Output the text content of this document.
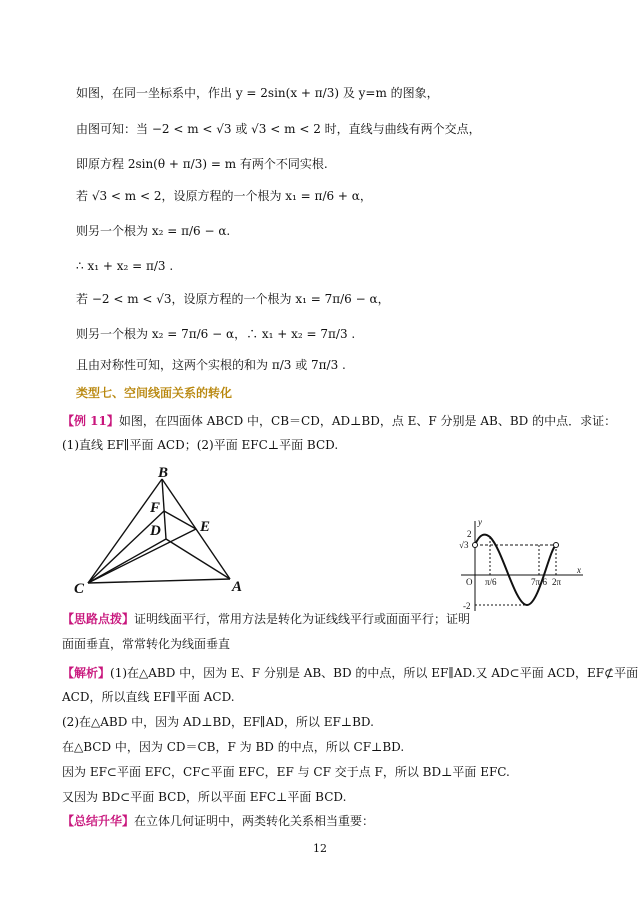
如图，在同一坐标系中，作出 y = 2sin(x + π/3) 及 y=m 的图象，
由图可知：当 −2 < m < √3 或 √3 < m < 2 时，直线与曲线有两个交点，
即原方程 2sin(θ + π/3) = m 有两个不同实根.
若 √3 < m < 2，设原方程的一个根为 x₁ = π/6 + α，
则另一个根为 x₂ = π/6 − α.
∴ x₁ + x₂ = π/3 .
若 −2 < m < √3，设原方程的一个根为 x₁ = 7π/6 − α，
则另一个根为 x₂ = 7π/6 − α，∴ x₁ + x₂ = 7π/3 .
且由对称性可知，这两个实根的和为 π/3 或 7π/3 .
类型七、空间线面关系的转化
【例 11】如图，在四面体 ABCD 中，CB＝CD，AD⊥BD，点 E、F 分别是 AB、BD 的中点．求证：
(1)直线 EF∥平面 ACD；(2)平面 EFC⊥平面 BCD.
B
F
D	E
C	A
y
x
O
2
√3
-2
π/6	7π/6 2π
【思路点拨】证明线面平行，常用方法是转化为证线线平行或面面平行；证明
面面垂直，常常转化为线面垂直
【解析】(1)在△ABD 中，因为 E、F 分别是 AB、BD 的中点，所以 EF∥AD.又 AD⊂平面 ACD，EF⊄平面
ACD，所以直线 EF∥平面 ACD.
(2)在△ABD 中，因为 AD⊥BD，EF∥AD，所以 EF⊥BD.
在△BCD 中，因为 CD＝CB，F 为 BD 的中点，所以 CF⊥BD.
因为 EF⊂平面 EFC，CF⊂平面 EFC，EF 与 CF 交于点 F，所以 BD⊥平面 EFC.
又因为 BD⊂平面 BCD，所以平面 EFC⊥平面 BCD.
【总结升华】在立体几何证明中，两类转化关系相当重要：
12
